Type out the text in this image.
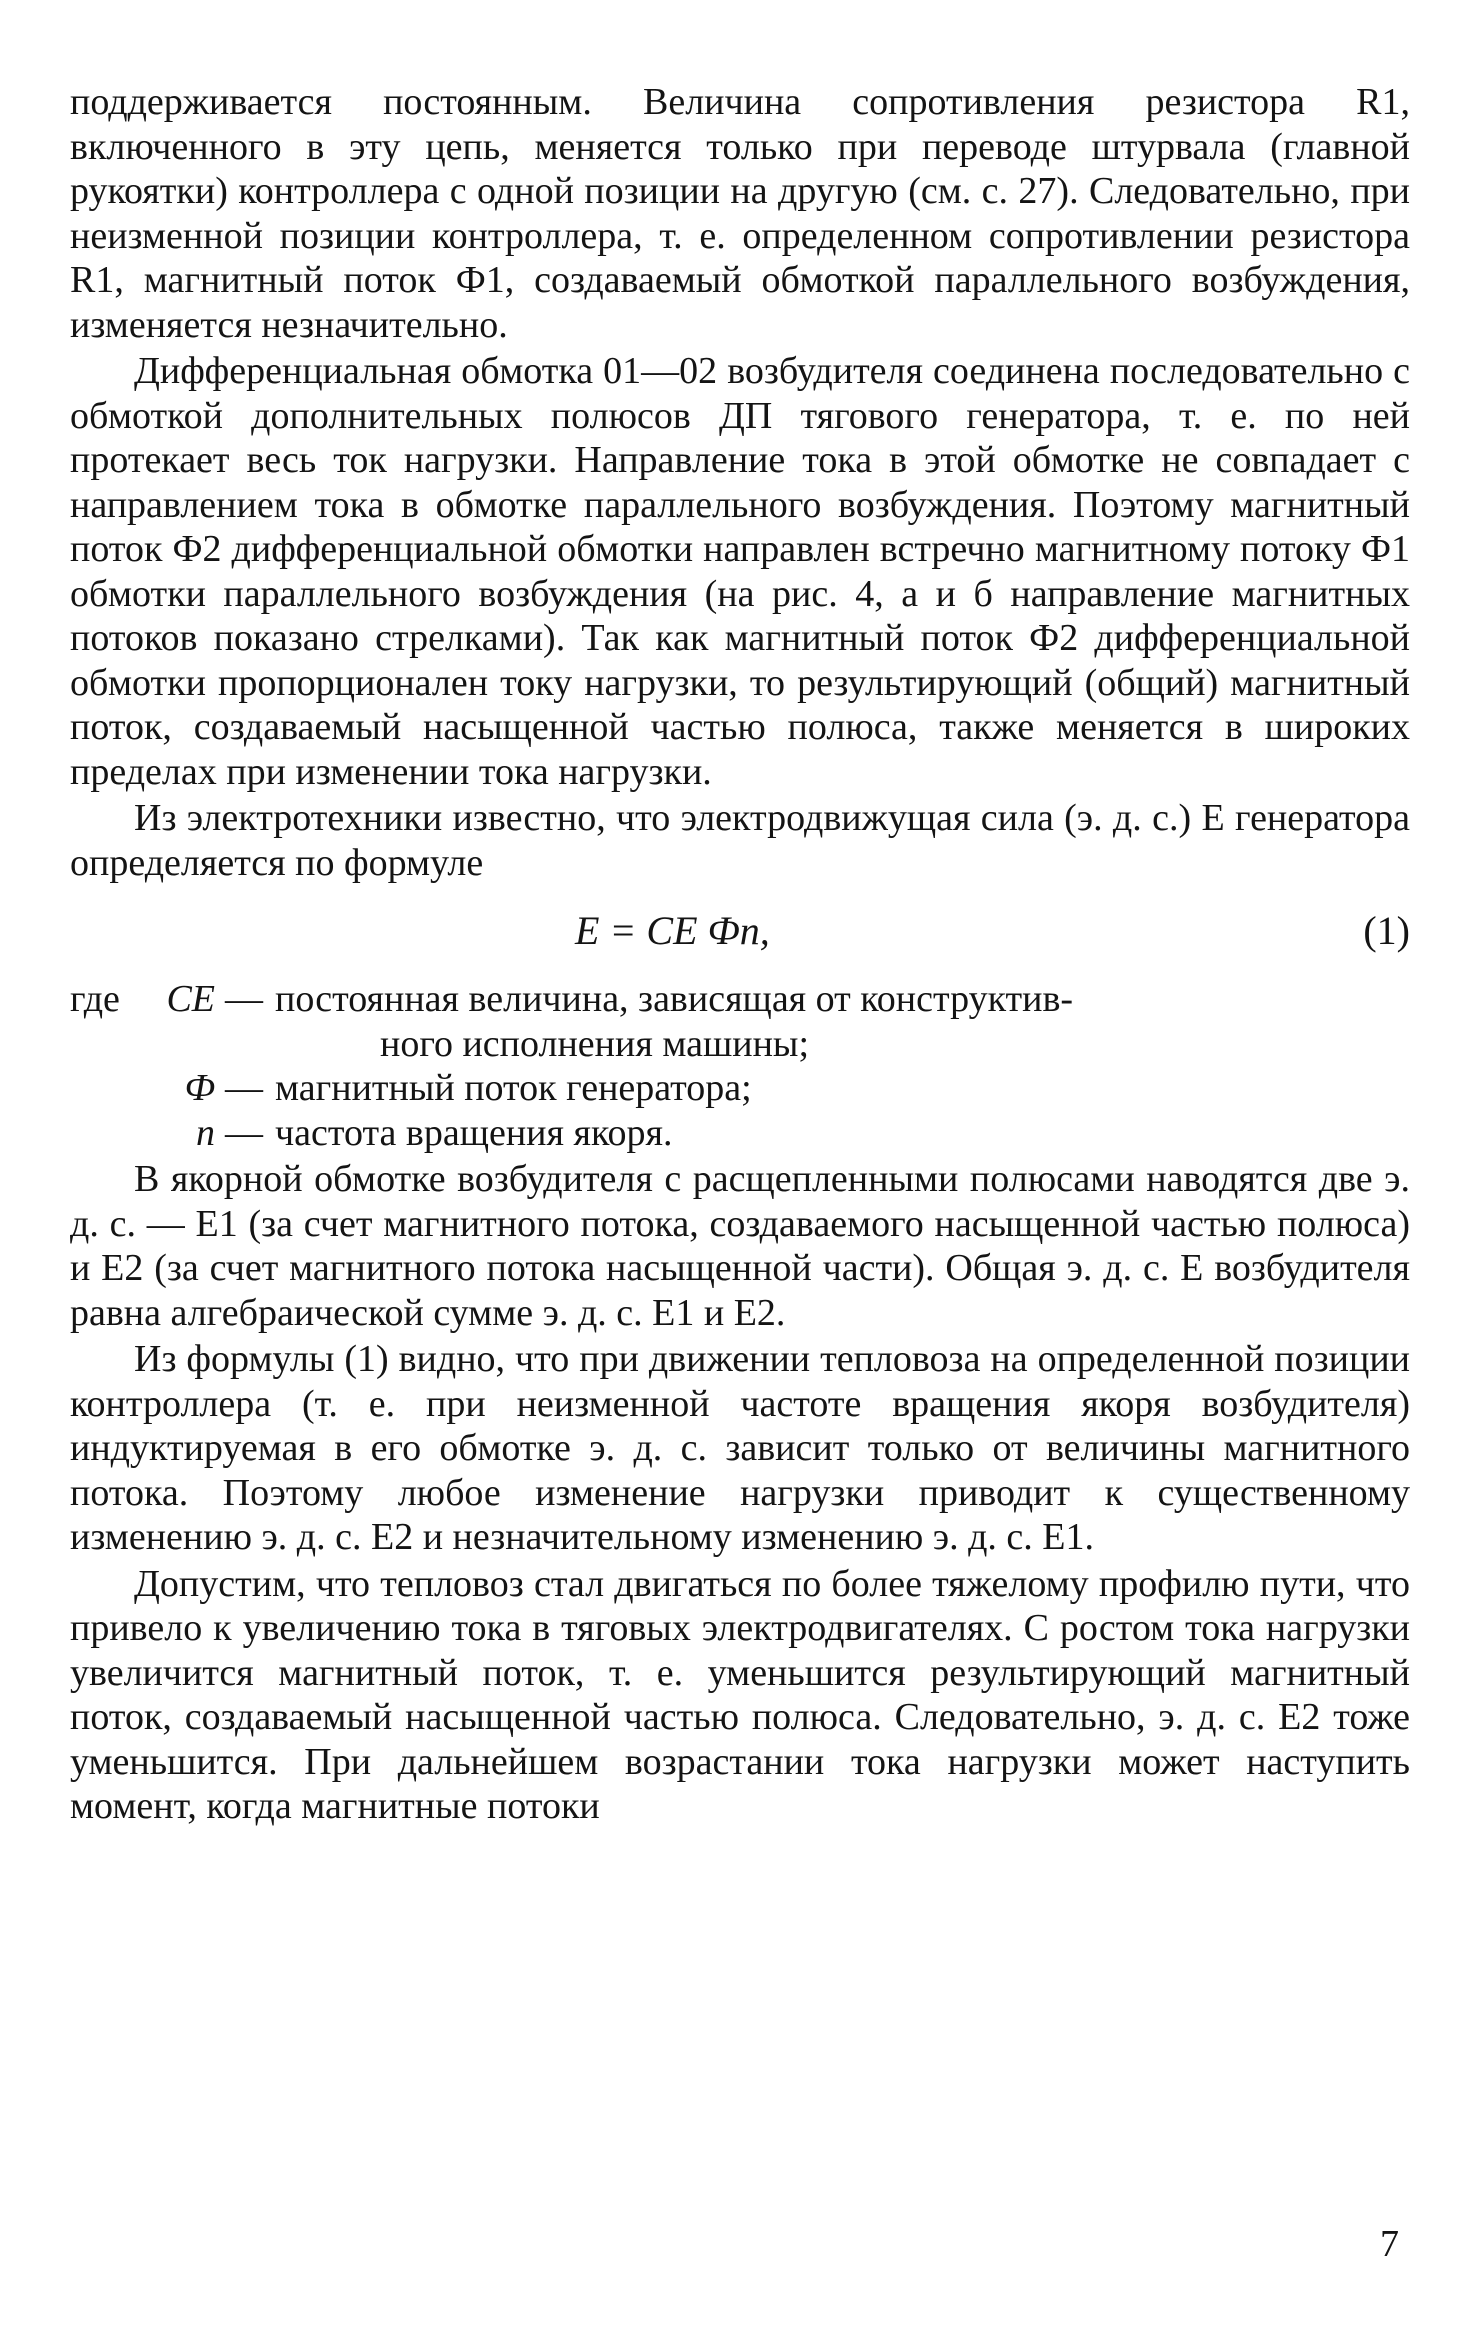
поддерживается постоянным. Величина сопротивления резистора R1, включенного в эту цепь, меняется только при переводе штурвала (главной рукоятки) контроллера с одной позиции на другую (см. с. 27). Следовательно, при неизменной позиции контроллера, т. е. определенном сопротивлении резистора R1, магнитный поток Ф1, создаваемый обмоткой параллельного возбуждения, изменяется незначительно.

Дифференциальная обмотка 01—02 возбудителя соединена последовательно с обмоткой дополнительных полюсов ДП тягового генератора, т. е. по ней протекает весь ток нагрузки. Направление тока в этой обмотке не совпадает с направлением тока в обмотке параллельного возбуждения. Поэтому магнитный поток Ф2 дифференциальной обмотки направлен встречно магнитному потоку Ф1 обмотки параллельного возбуждения (на рис. 4, а и б направление магнитных потоков показано стрелками). Так как магнитный поток Ф2 дифференциальной обмотки пропорционален току нагрузки, то результирующий (общий) магнитный поток, создаваемый насыщенной частью полюса, также меняется в широких пределах при изменении тока нагрузки.

Из электротехники известно, что электродвижущая сила (э. д. с.) Е генератора определяется по формуле

E = CE Фn,	(1)
где	CE — постоянная величина, зависящая от конструктив-
ного исполнения машины;
Ф — магнитный поток генератора;
n — частота вращения якоря.

В якорной обмотке возбудителя с расщепленными полюсами наводятся две э. д. с. — Е1 (за счет магнитного потока, создаваемого насыщенной частью полюса) и Е2 (за счет магнитного потока насыщенной части). Общая э. д. с. Е возбудителя равна алгебраической сумме э. д. с. Е1 и Е2.

Из формулы (1) видно, что при движении тепловоза на определенной позиции контроллера (т. е. при неизменной частоте вращения якоря возбудителя) индуктируемая в его обмотке э. д. с. зависит только от величины магнитного потока. Поэтому любое изменение нагрузки приводит к существенному изменению э. д. с. Е2 и незначительному изменению э. д. с. Е1.

Допустим, что тепловоз стал двигаться по более тяжелому профилю пути, что привело к увеличению тока в тяговых электродвигателях. С ростом тока нагрузки увеличится магнитный поток, т. е. уменьшится результирующий магнитный поток, создаваемый насыщенной частью полюса. Следовательно, э. д. с. Е2 тоже уменьшится. При дальнейшем возрастании тока нагрузки может наступить момент, когда магнитные потоки

7
